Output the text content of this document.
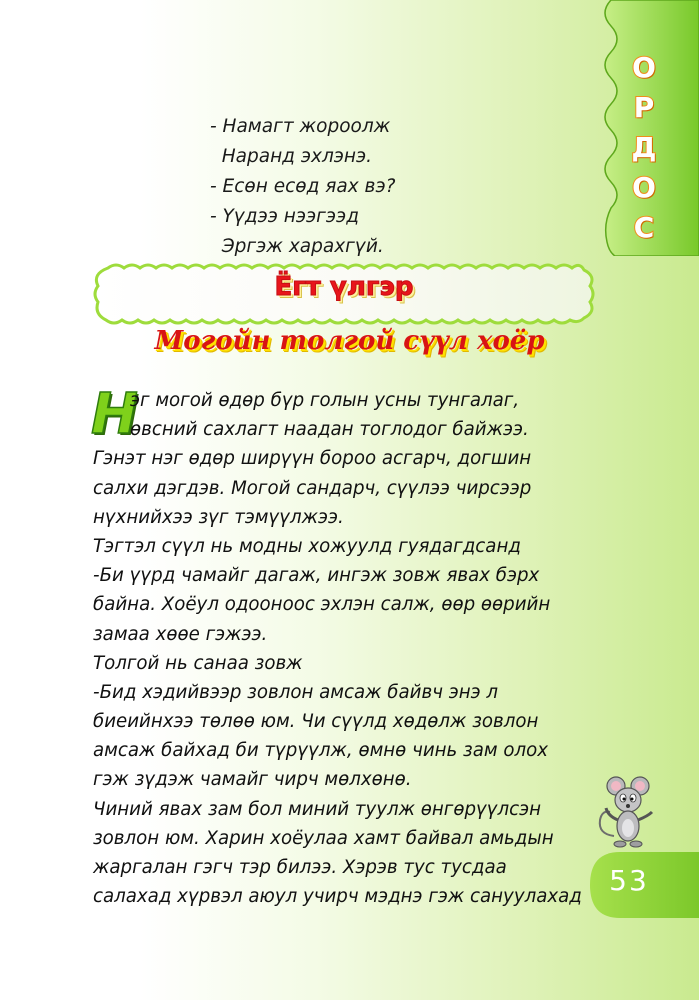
О
Р
Д
О
С
- Намагт жороолж
Наранд эхлэнэ.
- Есөн есөд яах вэ?
- Үүдээ нээгээд
Эргэж харахгүй.
Ёгт үлгэр
Могойн толгой сүүл хоёр
Н
эг могой өдөр бүр голын усны тунгалаг,
өвсний сахлагт наадан тоглодог байжээ.
Гэнэт нэг өдөр ширүүн бороо асгарч, догшин
салхи дэгдэв. Могой сандарч, сүүлээ чирсээр
нүхнийхээ зүг тэмүүлжээ.
Тэгтэл сүүл нь модны хожуулд гуядагдсанд
-Би үүрд чамайг дагаж, ингэж зовж явах бэрх
байна. Хоёул одооноос эхлэн салж, өөр өөрийн
замаа хөөе гэжээ.
Толгой нь санаа зовж
-Бид хэдийвээр зовлон амсаж байвч энэ л
биеийнхээ төлөө юм. Чи сүүлд хөдөлж зовлон
амсаж байхад би түрүүлж, өмнө чинь зам олох
гэж зүдэж чамайг чирч мөлхөнө.
Чиний явах зам бол миний туулж өнгөрүүлсэн
зовлон юм. Харин хоёулаа хамт байвал амьдын
жаргалан гэгч тэр билээ. Хэрэв тус тусдаа
салахад хүрвэл аюул учирч мэднэ гэж сануулахад 53
